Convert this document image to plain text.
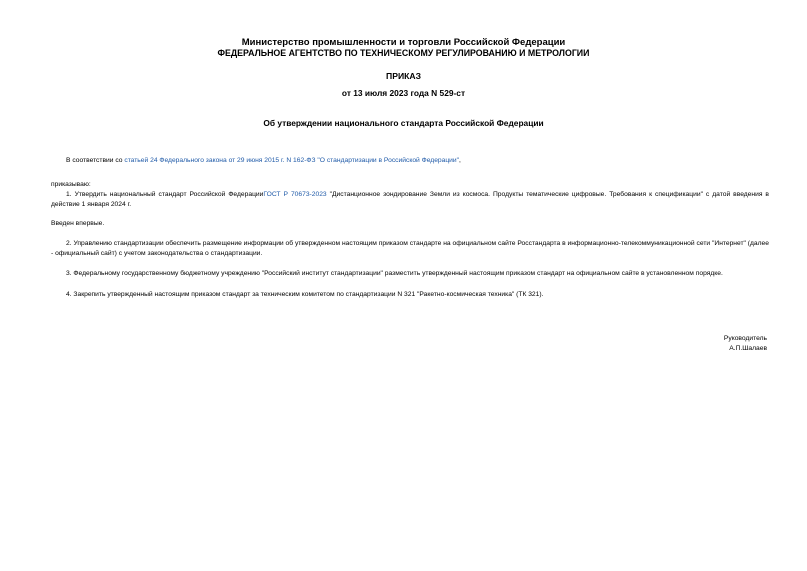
Министерство промышленности и торговли Российской Федерации
ФЕДЕРАЛЬНОЕ АГЕНТСТВО ПО ТЕХНИЧЕСКОМУ РЕГУЛИРОВАНИЮ И МЕТРОЛОГИИ
ПРИКАЗ
от 13 июля 2023 года N 529-ст
Об утверждении национального стандарта Российской Федерации
В соответствии со статьей 24 Федерального закона от 29 июня 2015 г. N 162-ФЗ "О стандартизации в Российской Федерации",
приказываю:
1. Утвердить национальный стандарт Российской ФедерацииГОСТ Р 70673-2023 "Дистанционное зондирование Земли из космоса. Продукты тематические цифровые. Требования к спецификации" с датой введения в действие 1 января 2024 г.
Введен впервые.
2. Управлению стандартизации обеспечить размещение информации об утвержденном настоящим приказом стандарте на официальном сайте Росстандарта в информационно-телекоммуникационной сети "Интернет" (далее - официальный сайт) с учетом законодательства о стандартизации.
3. Федеральному государственному бюджетному учреждению "Российский институт стандартизации" разместить утвержденный настоящим приказом стандарт на официальном сайте в установленном порядке.
4. Закрепить утвержденный настоящим приказом стандарт за техническим комитетом по стандартизации N 321 "Ракетно-космическая техника" (ТК 321).
Руководитель
А.П.Шалаев
